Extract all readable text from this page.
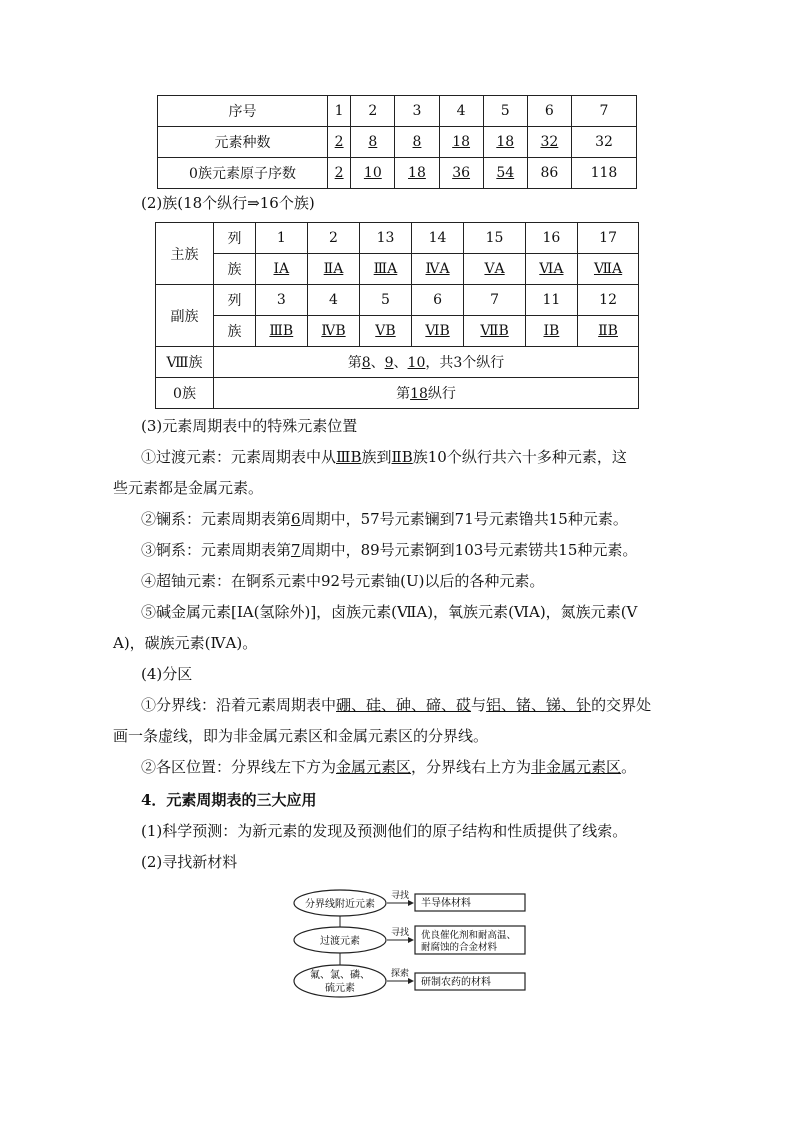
序号	1	2	3	4	5	6	7
元素种数	2	8	8	18	18	32	32
0族元素原子序数	2	10	18	36	54	86	118
(2)族(18个纵行⇒16个族)
主族	列	1	2	13	14	15	16	17
	族	ⅠA	ⅡA	ⅢA	ⅣA	ⅤA	ⅥA	ⅦA
副族	列	3	4	5	6	7	11	12
	族	ⅢB	ⅣB	ⅤB	ⅥB	ⅦB	ⅠB	ⅡB
Ⅷ族	第8、9、10，共3个纵行							
0族	第18纵行							
(3)元素周期表中的特殊元素位置
①过渡元素：元素周期表中从ⅢB族到ⅡB族10个纵行共六十多种元素，这
些元素都是金属元素。
②镧系：元素周期表第6周期中，57号元素镧到71号元素镥共15种元素。
③锕系：元素周期表第7周期中，89号元素锕到103号元素铹共15种元素。
④超铀元素：在锕系元素中92号元素铀(U)以后的各种元素。
⑤碱金属元素[ⅠA(氢除外)]，卤族元素(ⅦA)，氧族元素(ⅥA)，氮族元素(Ⅴ
A)，碳族元素(ⅣA)。
(4)分区
①分界线：沿着元素周期表中硼、硅、砷、碲、砹与铝、锗、锑、钋的交界处
画一条虚线，即为非金属元素区和金属元素区的分界线。
②各区位置：分界线左下方为金属元素区，分界线右上方为非金属元素区。
4．元素周期表的三大应用
(1)科学预测：为新元素的发现及预测他们的原子结构和性质提供了线索。
(2)寻找新材料
分界线附近元素
过渡元素
氟、氯、磷、
硫元素
寻找
寻找
探索
半导体材料
优良催化剂和耐高温、
耐腐蚀的合金材料
研制农药的材料
